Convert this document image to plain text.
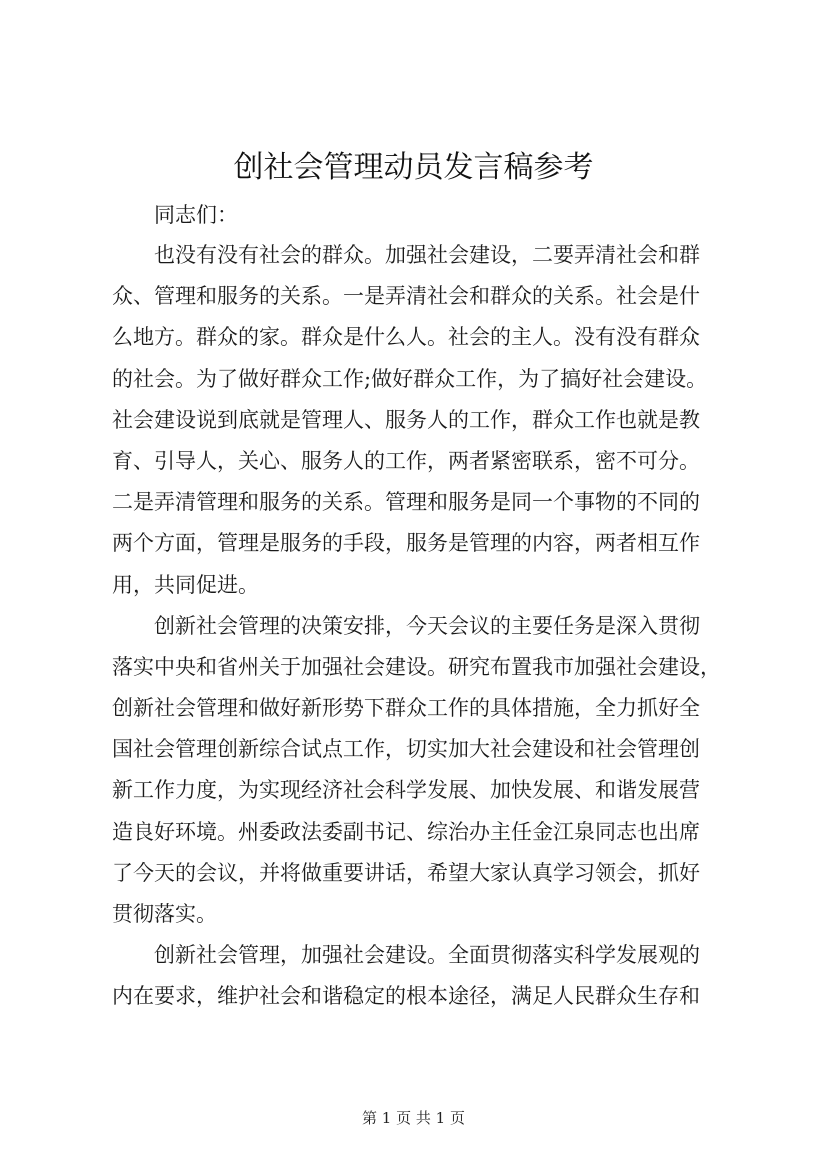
创社会管理动员发言稿参考

同志们：

也没有没有社会的群众。加强社会建设，二要弄清社会和群
众、管理和服务的关系。一是弄清社会和群众的关系。社会是什
么地方。群众的家。群众是什么人。社会的主人。没有没有群众
的社会。为了做好群众工作;做好群众工作，为了搞好社会建设。
社会建设说到底就是管理人、服务人的工作，群众工作也就是教
育、引导人，关心、服务人的工作，两者紧密联系，密不可分。
二是弄清管理和服务的关系。管理和服务是同一个事物的不同的
两个方面，管理是服务的手段，服务是管理的内容，两者相互作
用，共同促进。
创新社会管理的决策安排，今天会议的主要任务是深入贯彻
落实中央和省州关于加强社会建设。研究布置我市加强社会建设，
创新社会管理和做好新形势下群众工作的具体措施，全力抓好全
国社会管理创新综合试点工作，切实加大社会建设和社会管理创
新工作力度，为实现经济社会科学发展、加快发展、和谐发展营
造良好环境。州委政法委副书记、综治办主任金江泉同志也出席
了今天的会议，并将做重要讲话，希望大家认真学习领会，抓好
贯彻落实。
创新社会管理，加强社会建设。全面贯彻落实科学发展观的
内在要求，维护社会和谐稳定的根本途径，满足人民群众生存和
第 1 页 共 1 页
